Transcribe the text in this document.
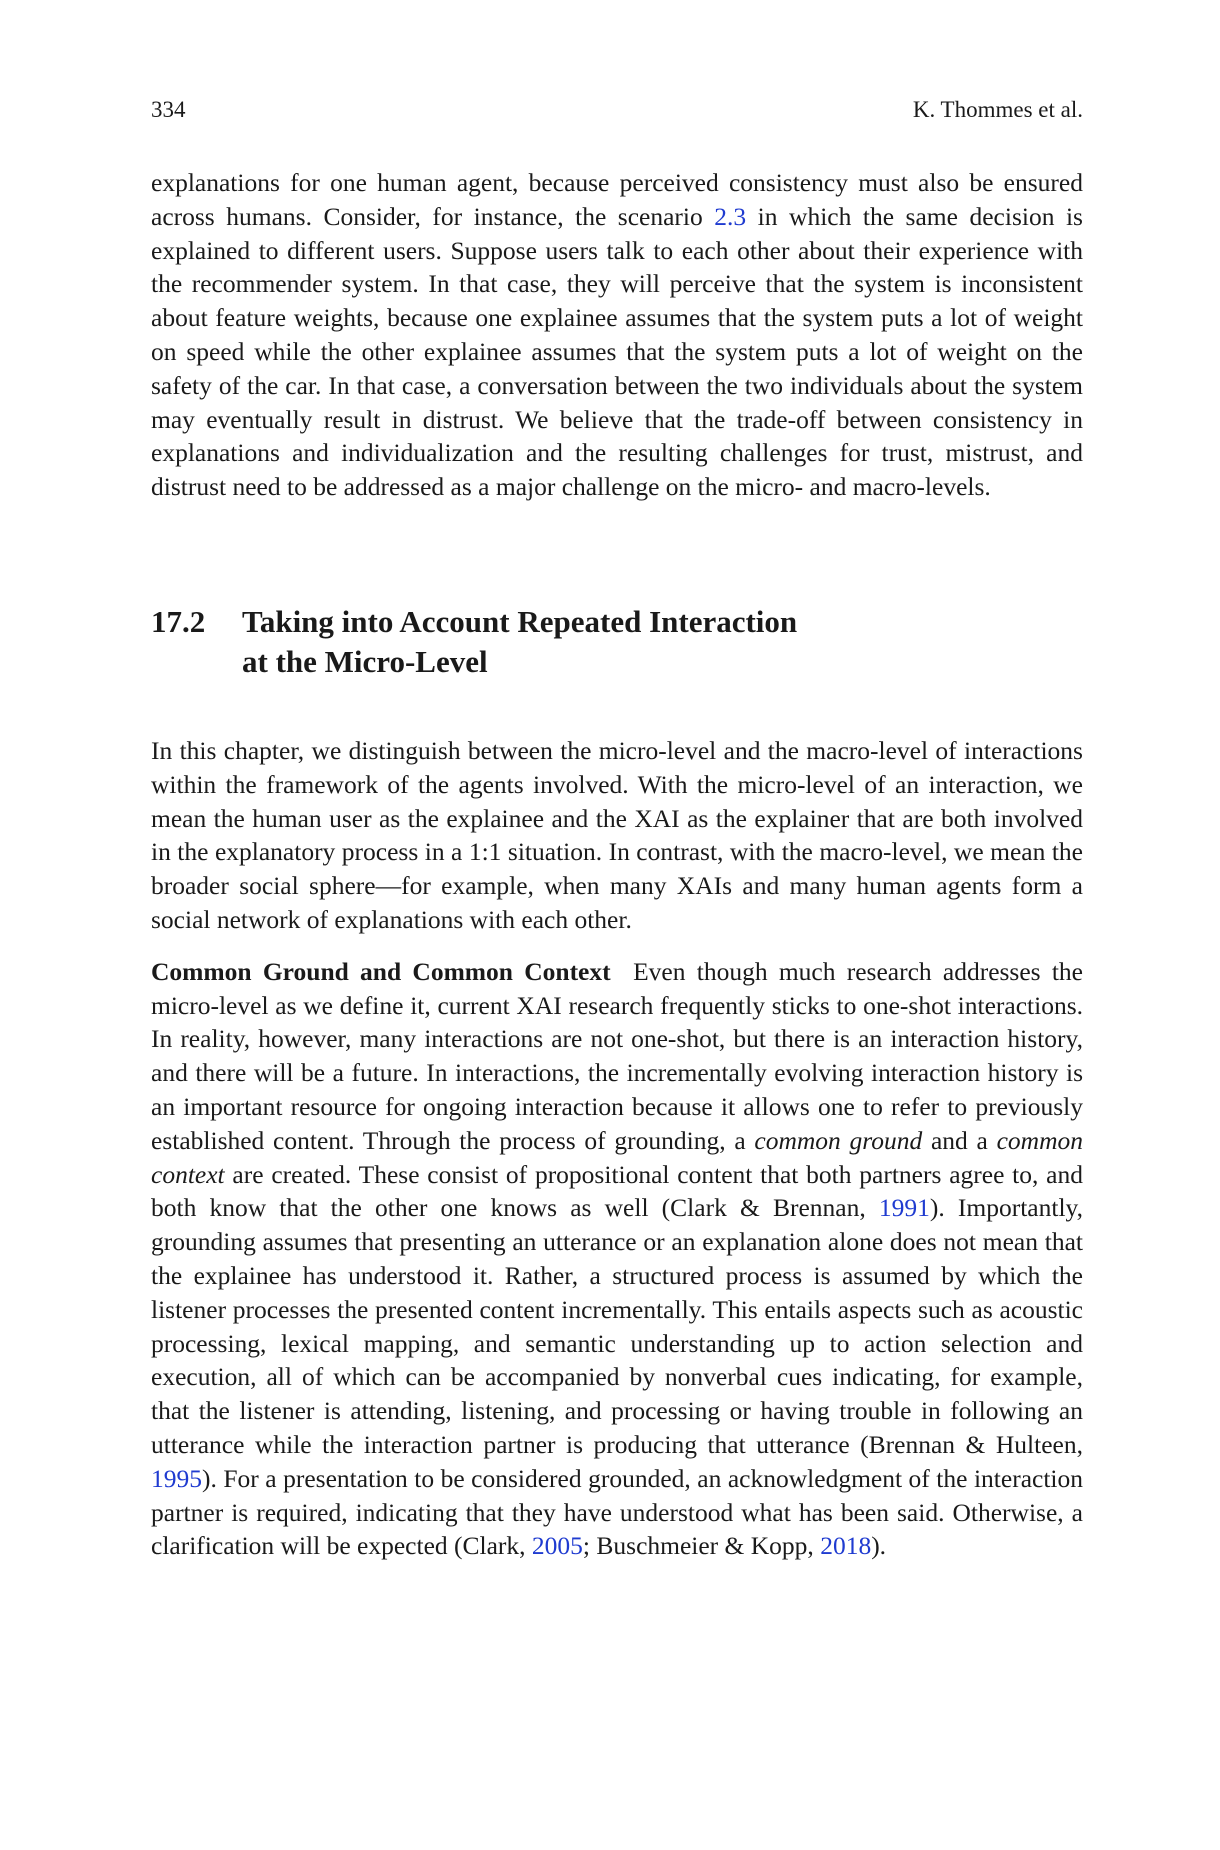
334	K. Thommes et al.

explanations for one human agent, because perceived consistency must also be ensured across humans. Consider, for instance, the scenario 2.3 in which the same decision is explained to different users. Suppose users talk to each other about their experience with the recommender system. In that case, they will perceive that the system is inconsistent about feature weights, because one explainee assumes that the system puts a lot of weight on speed while the other explainee assumes that the system puts a lot of weight on the safety of the car. In that case, a conversation between the two individuals about the system may eventually result in distrust. We believe that the trade-off between consistency in explanations and individualization and the resulting challenges for trust, mistrust, and distrust need to be addressed as a major challenge on the micro- and macro-levels.

17.2	Taking into Account Repeated Interaction
at the Micro-Level

In this chapter, we distinguish between the micro-level and the macro-level of interactions within the framework of the agents involved. With the micro-level of an interaction, we mean the human user as the explainee and the XAI as the explainer that are both involved in the explanatory process in a 1:1 situation. In contrast, with the macro-level, we mean the broader social sphere—for example, when many XAIs and many human agents form a social network of explanations with each other.

Common Ground and Common Context Even though much research addresses the micro-level as we define it, current XAI research frequently sticks to one-shot interactions. In reality, however, many interactions are not one-shot, but there is an interaction history, and there will be a future. In interactions, the incrementally evolving interaction history is an important resource for ongoing interaction because it allows one to refer to previously established content. Through the process of grounding, a common ground and a common context are created. These consist of propositional content that both partners agree to, and both know that the other one knows as well (Clark & Brennan, 1991). Importantly, grounding assumes that presenting an utterance or an explanation alone does not mean that the explainee has understood it. Rather, a structured process is assumed by which the listener processes the presented content incrementally. This entails aspects such as acoustic processing, lexical mapping, and semantic understanding up to action selection and execution, all of which can be accompanied by nonverbal cues indicating, for example, that the listener is attending, listening, and processing or having trouble in following an utterance while the interaction partner is producing that utterance (Brennan & Hulteen, 1995). For a presentation to be considered grounded, an acknowledgment of the interaction partner is required, indicating that they have understood what has been said. Otherwise, a clarification will be expected (Clark, 2005; Buschmeier & Kopp, 2018).
